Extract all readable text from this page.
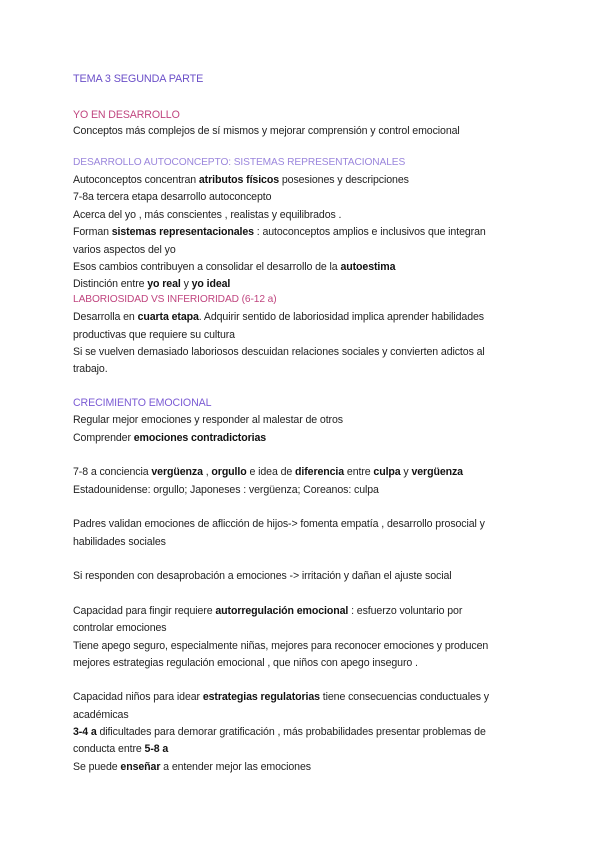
TEMA 3 SEGUNDA PARTE
YO EN DESARROLLO
Conceptos más complejos de sí mismos y mejorar comprensión y control emocional
DESARROLLO AUTOCONCEPTO: SISTEMAS REPRESENTACIONALES
Autoconceptos concentran atributos físicos posesiones y descripciones
7-8a tercera etapa desarrollo autoconcepto
Acerca del yo , más conscientes , realistas y equilibrados .
Forman sistemas representacionales : autoconceptos amplios e inclusivos que integran
varios aspectos del yo
Esos cambios contribuyen a consolidar el desarrollo de la autoestima
Distinción entre yo real y yo ideal
LABORIOSIDAD VS INFERIORIDAD (6-12 a)
Desarrolla en cuarta etapa. Adquirir sentido de laboriosidad implica aprender habilidades
productivas que requiere su cultura
Si se vuelven demasiado laboriosos descuidan relaciones sociales y convierten adictos al
trabajo.
CRECIMIENTO EMOCIONAL
Regular mejor emociones y responder al malestar de otros
Comprender emociones contradictorias
7-8 a conciencia vergüenza , orgullo e idea de diferencia entre culpa y vergüenza
Estadounidense: orgullo; Japoneses : vergüenza; Coreanos: culpa
Padres validan emociones de aflicción de hijos-> fomenta empatía , desarrollo prosocial y
habilidades sociales
Si responden con desaprobación a emociones -> irritación y dañan el ajuste social
Capacidad para fingir requiere autorregulación emocional : esfuerzo voluntario por
controlar emociones
Tiene apego seguro, especialmente niñas, mejores para reconocer emociones y producen
mejores estrategias regulación emocional , que niños con apego inseguro .
Capacidad niños para idear estrategias regulatorias tiene consecuencias conductuales y
académicas
3-4 a dificultades para demorar gratificación , más probabilidades presentar problemas de
conducta entre 5-8 a
Se puede enseñar a entender mejor las emociones
